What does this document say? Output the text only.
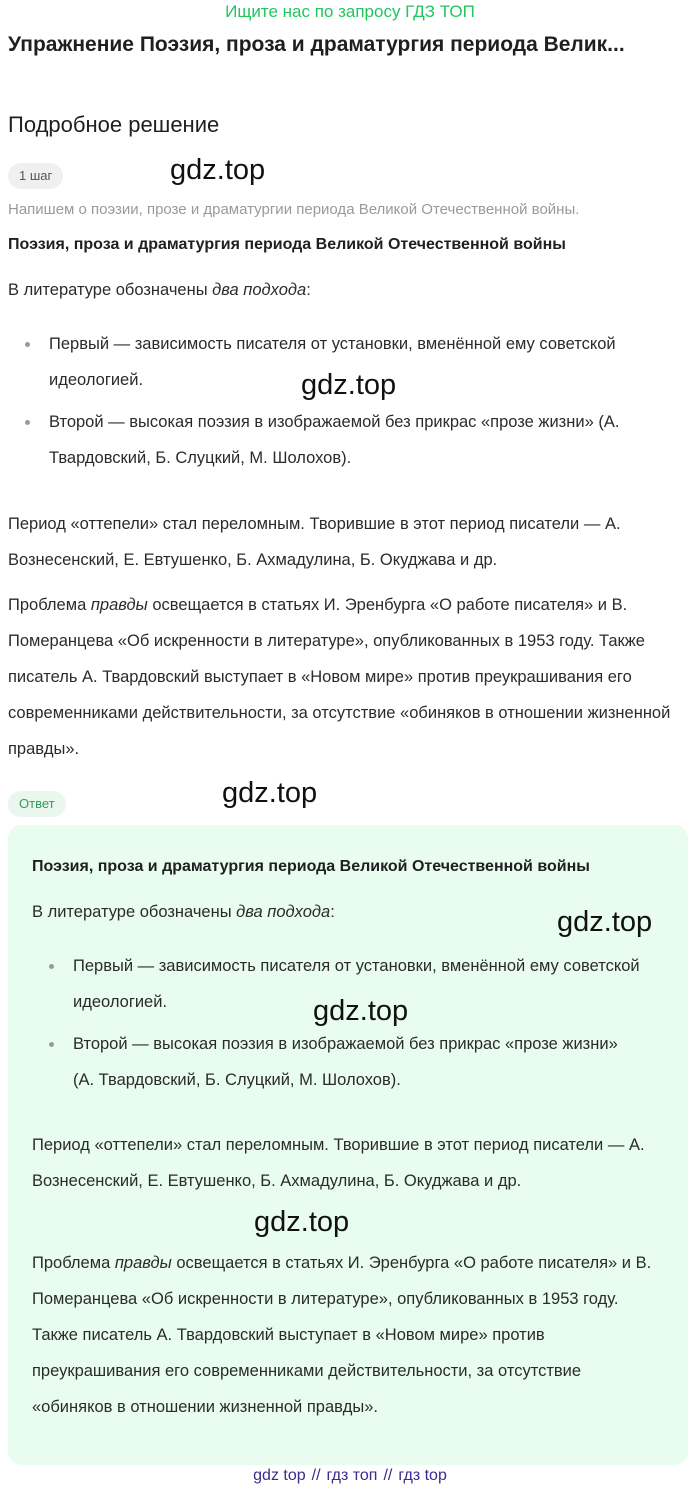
Ищите нас по запросу ГДЗ ТОП
Упражнение Поэзия, проза и драматургия периода Велик...
Подробное решение
1 шаг	gdz.top
Напишем о поэзии, прозе и драматургии периода Великой Отечественной войны.
Поэзия, проза и драматургия периода Великой Отечественной войны
В литературе обозначены два подхода:
Первый — зависимость писателя от установки, вменённой ему советской идеологией.
Второй — высокая поэзия в изображаемой без прикрас «прозе жизни» (А. Твардовский, Б. Слуцкий, М. Шолохов).
gdz.top
Период «оттепели» стал переломным. Творившие в этот период писатели — А. Вознесенский, Е. Евтушенко, Б. Ахмадулина, Б. Окуджава и др.
Проблема правды освещается в статьях И. Эренбурга «О работе писателя» и В. Померанцева «Об искренности в литературе», опубликованных в 1953 году. Также писатель А. Твардовский выступает в «Новом мире» против преукрашивания его современниками действительности, за отсутствие «обиняков в отношении жизненной правды».
Ответ	gdz.top
Поэзия, проза и драматургия периода Великой Отечественной войны
В литературе обозначены два подхода:	gdz.top
Первый — зависимость писателя от установки, вменённой ему советской идеологией.
Второй — высокая поэзия в изображаемой без прикрас «прозе жизни» (А. Твардовский, Б. Слуцкий, М. Шолохов).
gdz.top
Период «оттепели» стал переломным. Творившие в этот период писатели — А. Вознесенский, Е. Евтушенко, Б. Ахмадулина, Б. Окуджава и др.
gdz.top
Проблема правды освещается в статьях И. Эренбурга «О работе писателя» и В. Померанцева «Об искренности в литературе», опубликованных в 1953 году. Также писатель А. Твардовский выступает в «Новом мире» против преукрашивания его современниками действительности, за отсутствие «обиняков в отношении жизненной правды».
gdz top // гдз топ // гдз top
